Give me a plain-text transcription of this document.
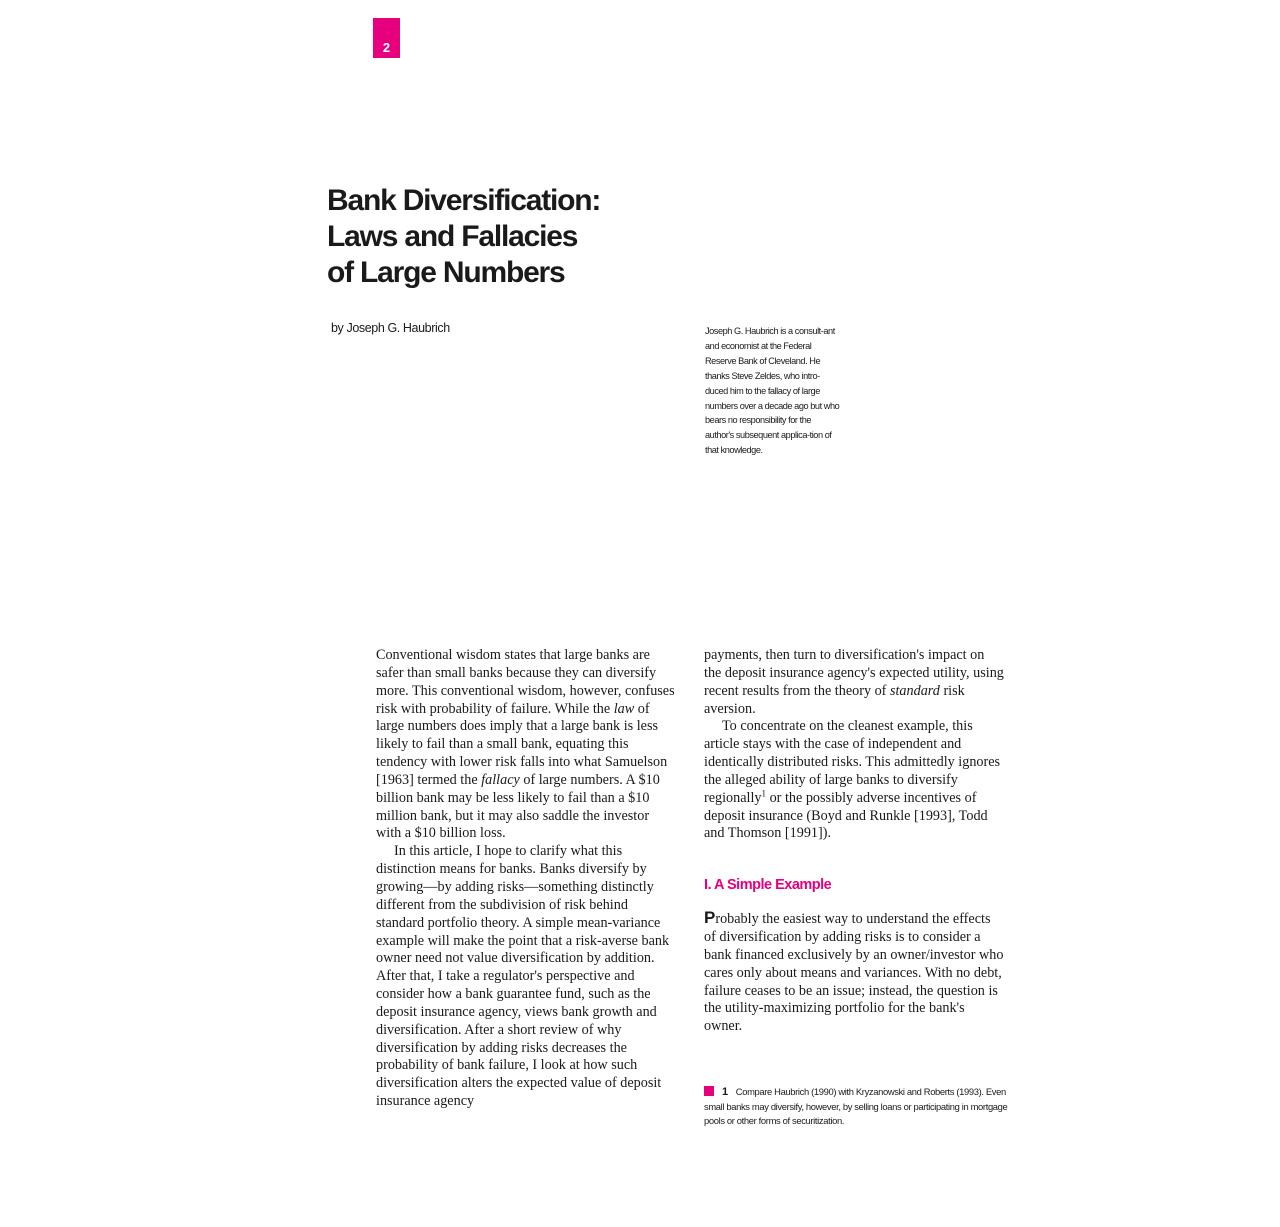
2
Bank Diversification:
Laws and Fallacies
of Large Numbers
by Joseph G. Haubrich	Joseph G. Haubrich is a consult-ant and economist at the Federal Reserve Bank of Cleveland. He thanks Steve Zeldes, who intro-duced him to the fallacy of large numbers over a decade ago but who bears no responsibility for the author's subsequent applica-tion of that knowledge.

Conventional wisdom states that large banks are safer than small banks because they can diversify more. This conventional wisdom, however, confuses risk with probability of failure. While the law of large numbers does imply that a large bank is less likely to fail than a small bank, equating this tendency with lower risk falls into what Samuelson [1963] termed the fallacy of large numbers. A $10 billion bank may be less likely to fail than a $10 million bank, but it may also saddle the investor with a $10 billion loss.

In this article, I hope to clarify what this distinction means for banks. Banks diversify by growing—by adding risks—something distinctly different from the subdivision of risk behind standard portfolio theory. A simple mean-variance example will make the point that a risk-averse bank owner need not value diversification by addition. After that, I take a regulator's perspective and consider how a bank guarantee fund, such as the deposit insurance agency, views bank growth and diversification. After a short review of why diversification by adding risks decreases the probability of bank failure, I look at how such diversification alters the expected value of deposit insurance agency

payments, then turn to diversification's impact on the deposit insurance agency's expected utility, using recent results from the theory of standard risk aversion.

To concentrate on the cleanest example, this article stays with the case of independent and identically distributed risks. This admittedly ignores the alleged ability of large banks to diversify regionally$^1$ or the possibly adverse incentives of deposit insurance (Boyd and Runkle [1993], Todd and Thomson [1991]).

I. A Simple Example

Probably the easiest way to understand the effects of diversification by adding risks is to consider a bank financed exclusively by an owner/investor who cares only about means and variances. With no debt, failure ceases to be an issue; instead, the question is the utility-maximizing portfolio for the bank's owner.

1 Compare Haubrich (1990) with Kryzanowski and Roberts (1993). Even small banks may diversify, however, by selling loans or participating in mortgage pools or other forms of securitization.
